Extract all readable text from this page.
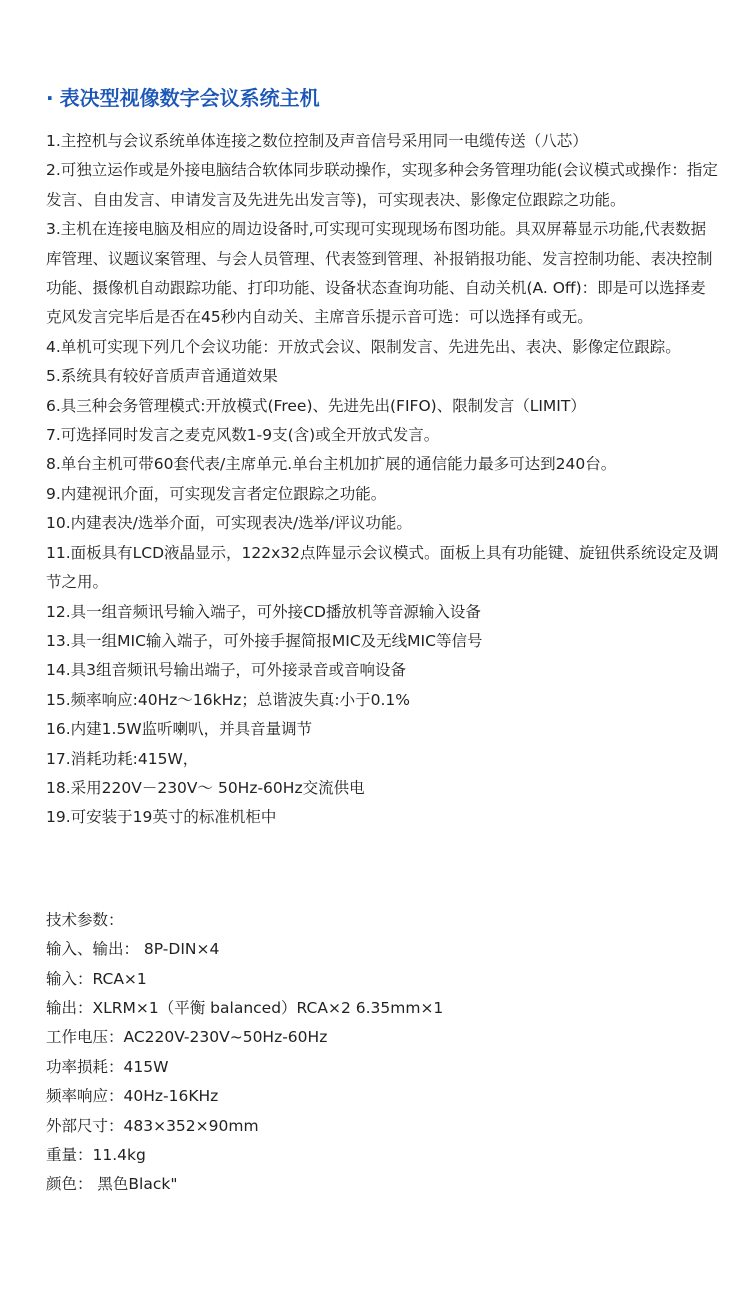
· 表决型视像数字会议系统主机
1.主控机与会议系统单体连接之数位控制及声音信号采用同一电缆传送（八芯）
2.可独立运作或是外接电脑结合软体同步联动操作，实现多种会务管理功能(会议模式或操作：指定发言、自由发言、申请发言及先进先出发言等)，可实现表决、影像定位跟踪之功能。
3.主机在连接电脑及相应的周边设备时,可实现可实现现场布图功能。具双屏幕显示功能,代表数据库管理、议题议案管理、与会人员管理、代表签到管理、补报销报功能、发言控制功能、表决控制功能、摄像机自动跟踪功能、打印功能、设备状态查询功能、自动关机(A. Off)：即是可以选择麦克风发言完毕后是否在45秒内自动关、主席音乐提示音可选：可以选择有或无。
4.单机可实现下列几个会议功能：开放式会议、限制发言、先进先出、表决、影像定位跟踪。
5.系统具有较好音质声音通道效果
6.具三种会务管理模式:开放模式(Free)、先进先出(FIFO)、限制发言（LIMIT）
7.可选择同时发言之麦克风数1-9支(含)或全开放式发言。
8.单台主机可带60套代表/主席单元.单台主机加扩展的通信能力最多可达到240台。
9.内建视讯介面，可实现发言者定位跟踪之功能。
10.内建表决/选举介面，可实现表决/选举/评议功能。
11.面板具有LCD液晶显示，122x32点阵显示会议模式。面板上具有功能键、旋钮供系统设定及调节之用。
12.具一组音频讯号输入端子，可外接CD播放机等音源输入设备
13.具一组MIC输入端子，可外接手握简报MIC及无线MIC等信号
14.具3组音频讯号输出端子，可外接录音或音响设备
15.频率响应:40Hz～16kHz；总谐波失真:小于0.1%
16.内建1.5W监听喇叭，并具音量调节
17.消耗功耗:415W，
18.采用220V－230V～ 50Hz-60Hz交流供电
19.可安装于19英寸的标准机柜中
技术参数：
输入、输出： 8P-DIN×4
输入：RCA×1
输出：XLRM×1（平衡 balanced）RCA×2 6.35mm×1
工作电压：AC220V-230V~50Hz-60Hz
功率损耗：415W
频率响应：40Hz-16KHz
外部尺寸：483×352×90mm
重量：11.4kg
颜色： 黑色Black"
